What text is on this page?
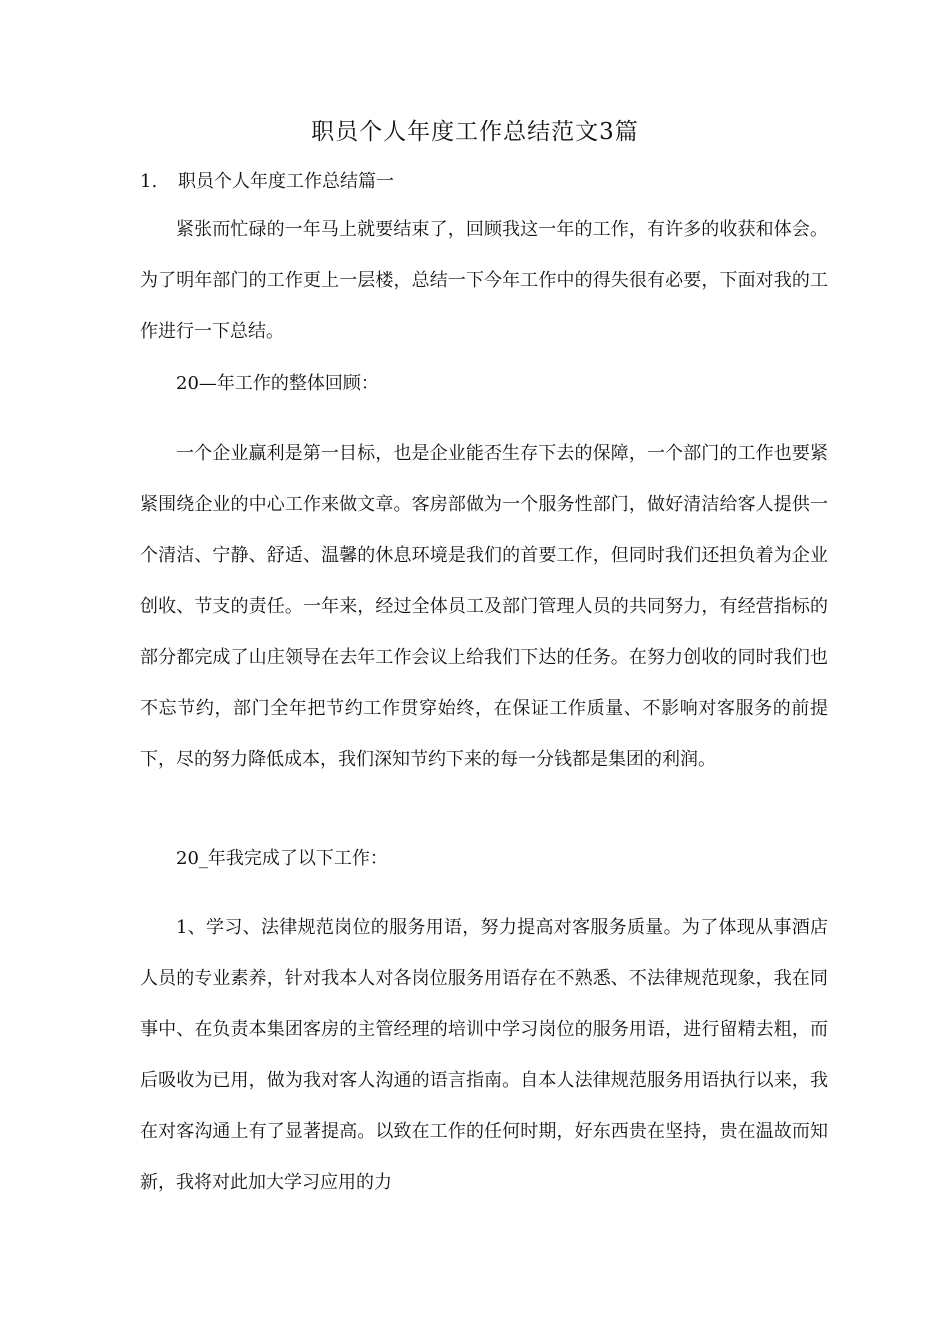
职员个人年度工作总结范文3篇
1. 职员个人年度工作总结篇一

紧张而忙碌的一年马上就要结束了，回顾我这一年的工作，有许多的收获和体会。为了明年部门的工作更上一层楼，总结一下今年工作中的得失很有必要，下面对我的工作进行一下总结。

20—年工作的整体回顾：

一个企业赢利是第一目标，也是企业能否生存下去的保障，一个部门的工作也要紧紧围绕企业的中心工作来做文章。客房部做为一个服务性部门，做好清洁给客人提供一个清洁、宁静、舒适、温馨的休息环境是我们的首要工作，但同时我们还担负着为企业创收、节支的责任。一年来，经过全体员工及部门管理人员的共同努力，有经营指标的部分都完成了山庄领导在去年工作会议上给我们下达的任务。在努力创收的同时我们也不忘节约，部门全年把节约工作贯穿始终，在保证工作质量、不影响对客服务的前提下，尽的努力降低成本，我们深知节约下来的每一分钱都是集团的利润。

20_年我完成了以下工作：

1、学习、法律规范岗位的服务用语，努力提高对客服务质量。为了体现从事酒店人员的专业素养，针对我本人对各岗位服务用语存在不熟悉、不法律规范现象，我在同事中、在负责本集团客房的主管经理的培训中学习岗位的服务用语，进行留精去粗，而后吸收为已用，做为我对客人沟通的语言指南。自本人法律规范服务用语执行以来，我在对客沟通上有了显著提高。以致在工作的任何时期，好东西贵在坚持，贵在温故而知新，我将对此加大学习应用的力
